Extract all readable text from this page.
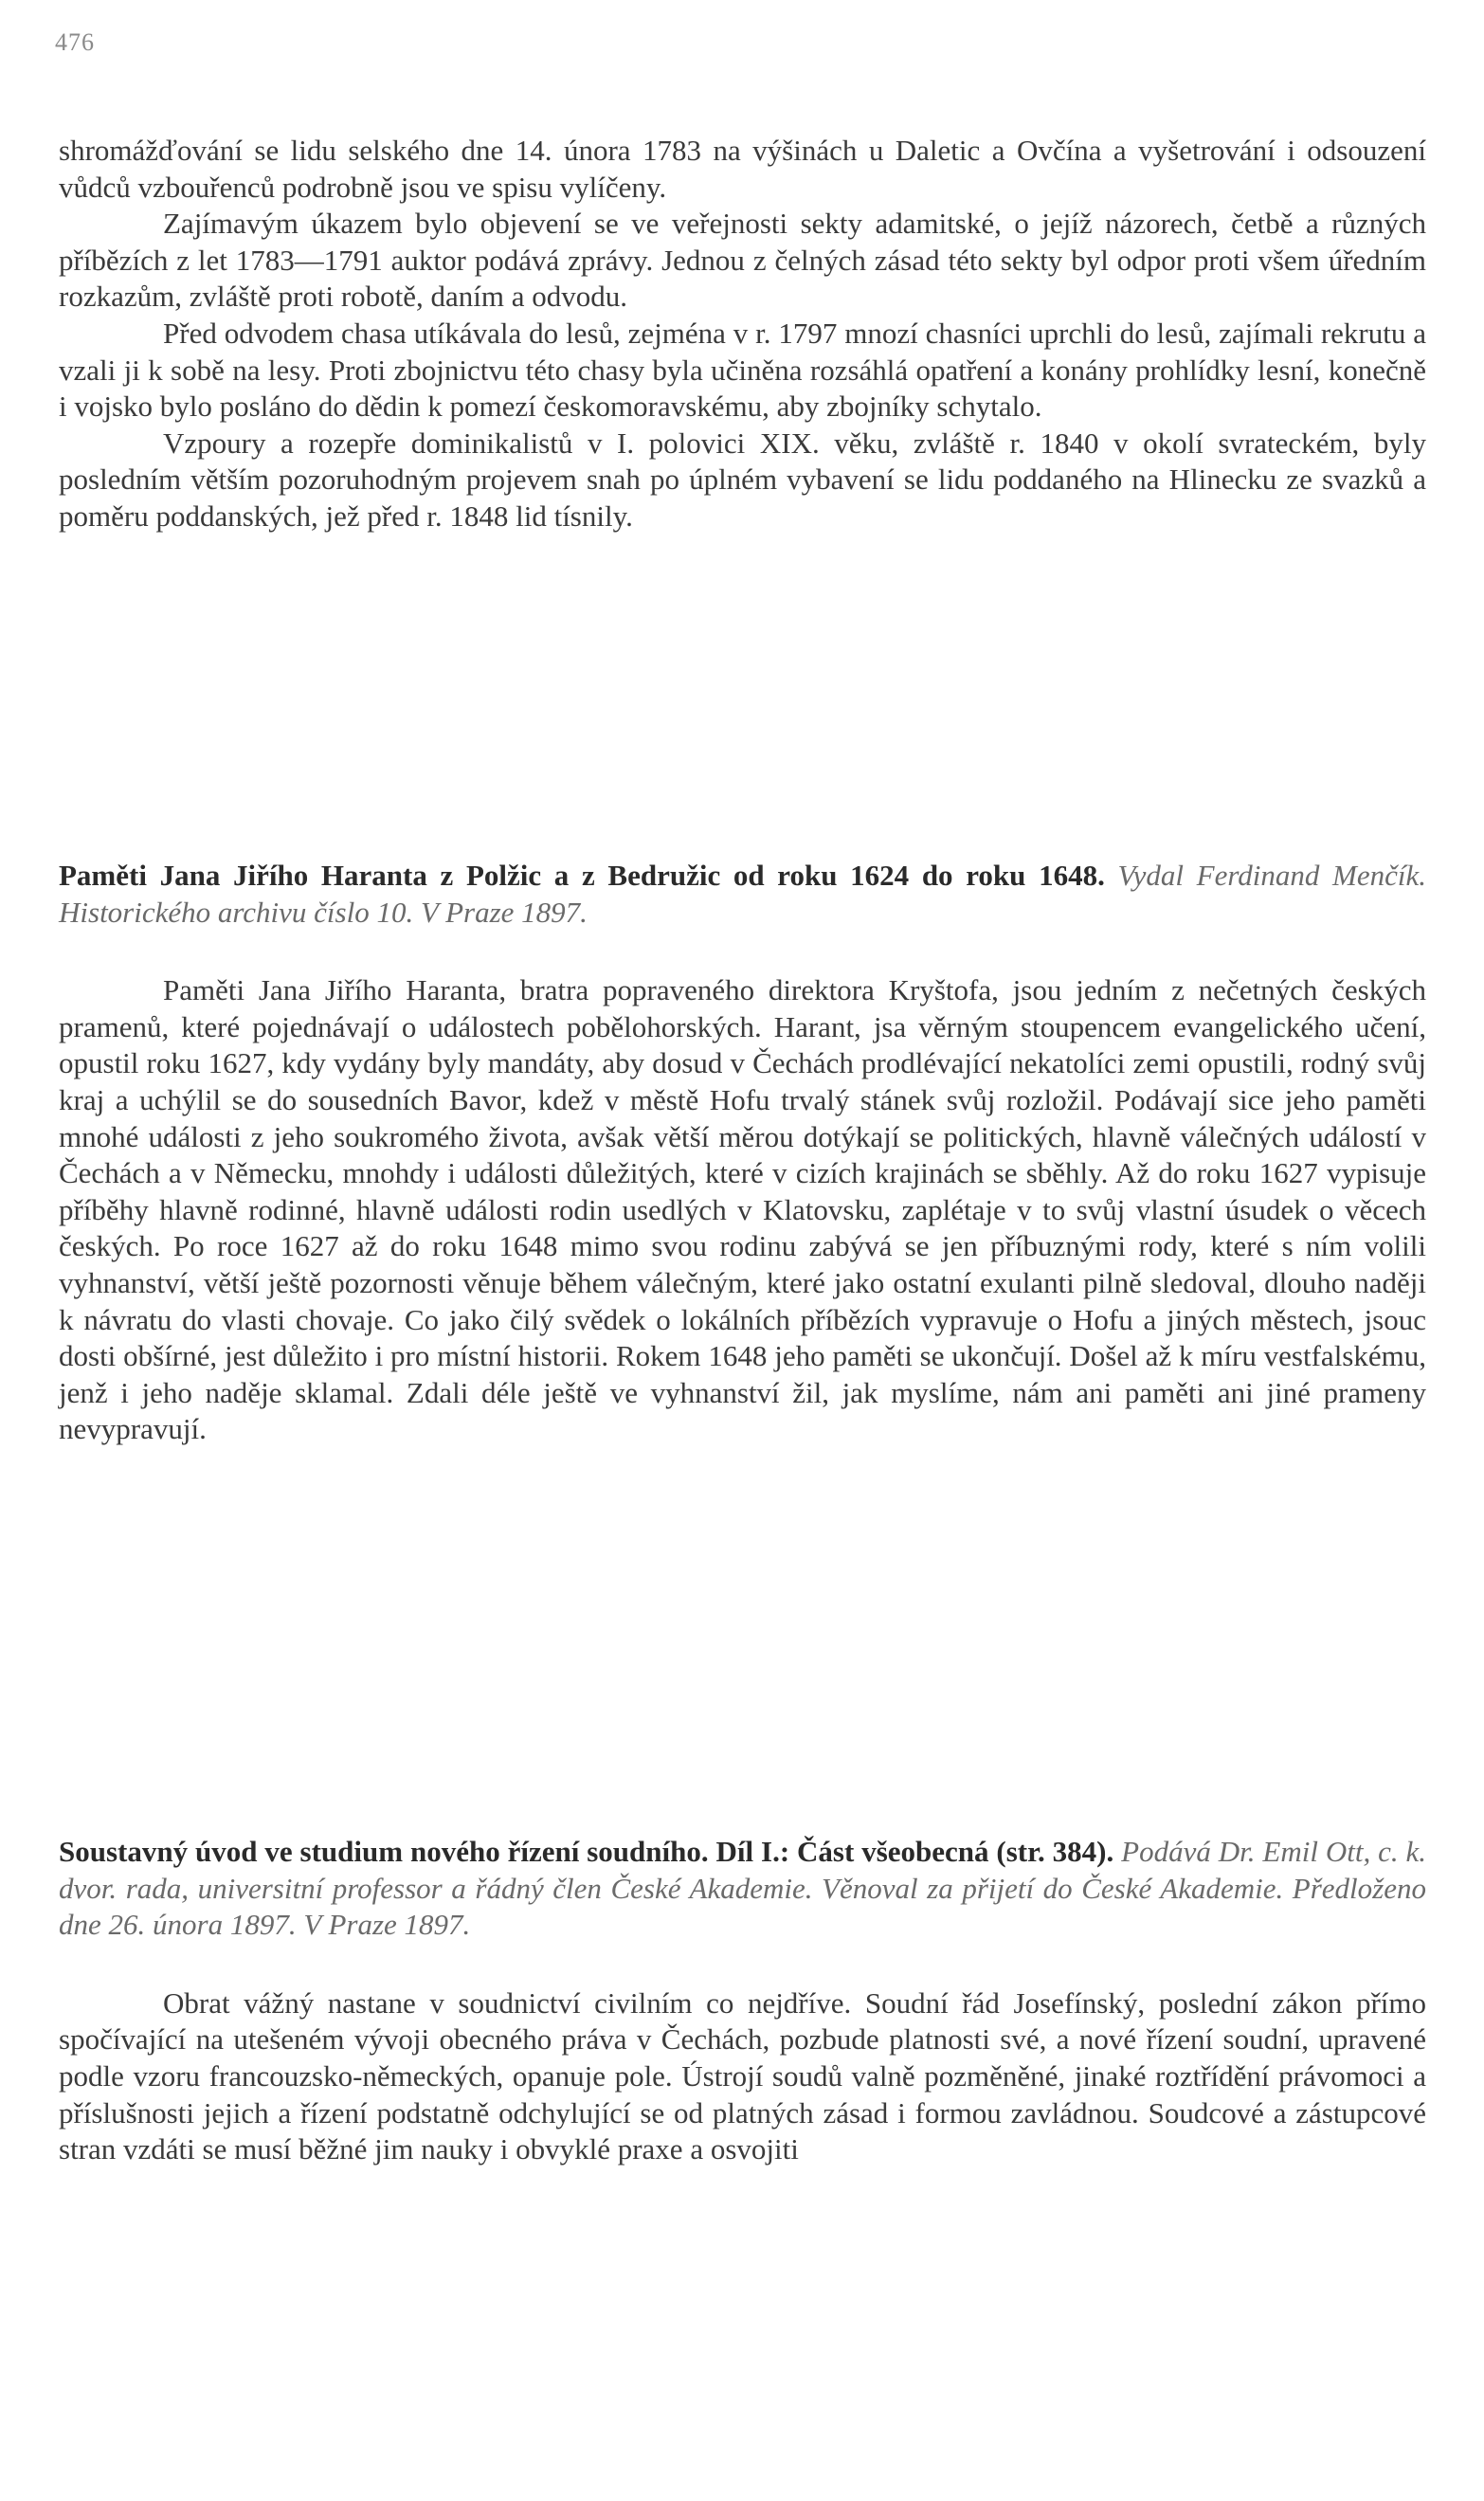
476

shromážďování se lidu selského dne 14. února 1783 na výšinách u Daletic a Ovčína a vyšetrování i odsouzení vůdců vzbouřenců podrobně jsou ve spisu vylíčeny.

Zajímavým úkazem bylo objevení se ve veřejnosti sekty adamitské, o jejíž názorech, četbě a různých příbězích z let 1783—1791 auktor podává zprávy. Jednou z čelných zásad této sekty byl odpor proti všem úředním rozkazům, zvláště proti robotě, daním a odvodu.

Před odvodem chasa utíkávala do lesů, zejména v r. 1797 mnozí chasníci uprchli do lesů, zajímali rekrutu a vzali ji k sobě na lesy. Proti zbojnictvu této chasy byla učiněna rozsáhlá opatření a konány prohlídky lesní, konečně i vojsko bylo posláno do dědin k pomezí českomoravskému, aby zbojníky schytalo.

Vzpoury a rozepře dominikalistů v I. polovici XIX. věku, zvláště r. 1840 v okolí svrateckém, byly posledním větším pozoruhodným projevem snah po úplném vybavení se lidu poddaného na Hlinecku ze svazků a poměru poddanských, jež před r. 1848 lid tísnily.

Paměti Jana Jiřího Haranta z Polžic a z Bedružic od roku 1624 do roku 1648. Vydal Ferdinand Menčík. Historického archivu číslo 10. V Praze 1897.

Paměti Jana Jiřího Haranta, bratra popraveného direktora Kryštofa, jsou jedním z nečetných českých pramenů, které pojednávají o událostech pobělohorských. Harant, jsa věrným stoupencem evangelického učení, opustil roku 1627, kdy vydány byly mandáty, aby dosud v Čechách prodlévající nekatolíci zemi opustili, rodný svůj kraj a uchýlil se do sousedních Bavor, kdež v městě Hofu trvalý stánek svůj rozložil. Podávají sice jeho paměti mnohé události z jeho soukromého života, avšak větší měrou dotýkají se politických, hlavně válečných událostí v Čechách a v Německu, mnohdy i události důležitých, které v cizích krajinách se sběhly. Až do roku 1627 vypisuje příběhy hlavně rodinné, hlavně události rodin usedlých v Klatovsku, zaplétaje v to svůj vlastní úsudek o věcech českých. Po roce 1627 až do roku 1648 mimo svou rodinu zabývá se jen příbuznými rody, které s ním volili vyhnanství, větší ještě pozornosti věnuje během válečným, které jako ostatní exulanti pilně sledoval, dlouho naději k návratu do vlasti chovaje. Co jako čilý svědek o lokálních příbězích vypravuje o Hofu a jiných městech, jsouc dosti obšírné, jest důležito i pro místní historii. Rokem 1648 jeho paměti se ukončují. Došel až k míru vestfalskému, jenž i jeho naděje sklamal. Zdali déle ještě ve vyhnanství žil, jak myslíme, nám ani paměti ani jiné prameny nevypravují.

Soustavný úvod ve studium nového řízení soudního. Díl I.: Část všeobecná (str. 384). Podává Dr. Emil Ott, c. k. dvor. rada, universitní professor a řádný člen České Akademie. Věnoval za přijetí do České Akademie. Předloženo dne 26. února 1897. V Praze 1897.

Obrat vážný nastane v soudnictví civilním co nejdříve. Soudní řád Josefínský, poslední zákon přímo spočívající na utešeném vývoji obecného práva v Čechách, pozbude platnosti své, a nové řízení soudní, upravené podle vzoru francouzsko-německých, opanuje pole. Ústrojí soudů valně pozměněné, jinaké roztřídění právomoci a příslušnosti jejich a řízení podstatně odchylující se od platných zásad i formou zavládnou. Soudcové a zástupcové stran vzdáti se musí běžné jim nauky i obvyklé praxe a osvojiti
